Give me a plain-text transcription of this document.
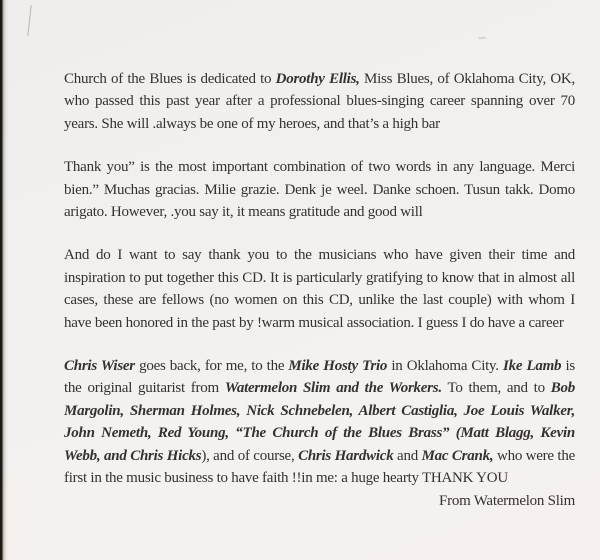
Church of the Blues is dedicated to Dorothy Ellis, Miss Blues, of Oklahoma City, OK, who passed this past year after a professional blues-singing career spanning over 70 years. She will .always be one of my heroes, and that’s a high bar

Thank you” is the most important combination of two words in any language. Merci bien.” Muchas gracias. Milie grazie. Denk je weel. Danke schoen. Tusun takk. Domo arigato. However, .you say it, it means gratitude and good will

And do I want to say thank you to the musicians who have given their time and inspiration to put together this CD. It is particularly gratifying to know that in almost all cases, these are fellows (no women on this CD, unlike the last couple) with whom I have been honored in the past by !warm musical association. I guess I do have a career

Chris Wiser goes back, for me, to the Mike Hosty Trio in Oklahoma City. Ike Lamb is the original guitarist from Watermelon Slim and the Workers. To them, and to Bob Margolin, Sherman Holmes, Nick Schnebelen, Albert Castiglia, Joe Louis Walker, John Nemeth, Red Young, “The Church of the Blues Brass” (Matt Blagg, Kevin Webb, and Chris Hicks), and of course, Chris Hardwick and Mac Crank, who were the first in the music business to have faith !!in me: a huge hearty THANK YOU

From Watermelon Slim
